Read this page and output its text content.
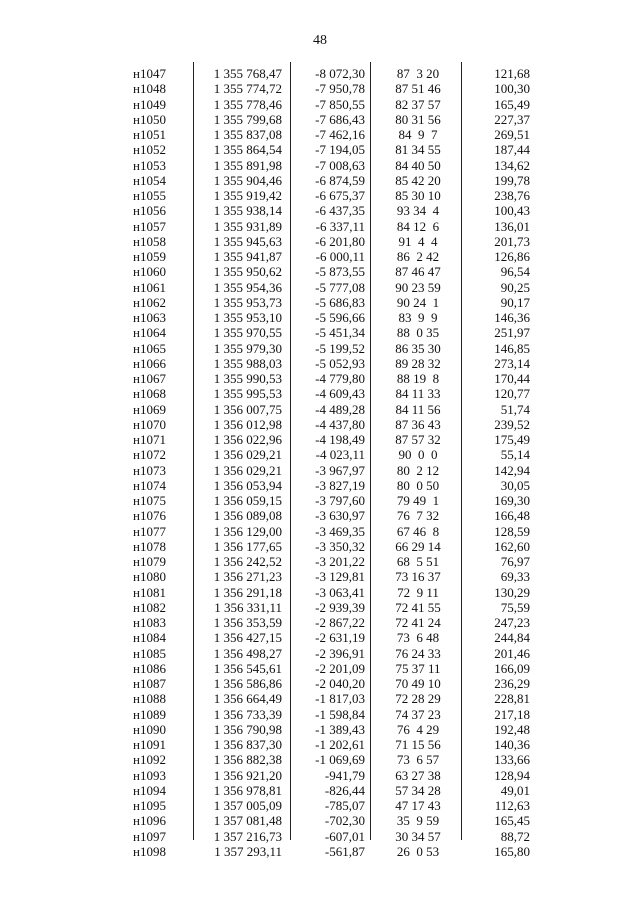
48
н1047	1 355 768,47	-8 072,30	87  3 20	121,68
н1048	1 355 774,72	-7 950,78	87 51 46	100,30
н1049	1 355 778,46	-7 850,55	82 37 57	165,49
н1050	1 355 799,68	-7 686,43	80 31 56	227,37
н1051	1 355 837,08	-7 462,16	84  9  7	269,51
н1052	1 355 864,54	-7 194,05	81 34 55	187,44
н1053	1 355 891,98	-7 008,63	84 40 50	134,62
н1054	1 355 904,46	-6 874,59	85 42 20	199,78
н1055	1 355 919,42	-6 675,37	85 30 10	238,76
н1056	1 355 938,14	-6 437,35	93 34  4	100,43
н1057	1 355 931,89	-6 337,11	84 12  6	136,01
н1058	1 355 945,63	-6 201,80	91  4  4	201,73
н1059	1 355 941,87	-6 000,11	86  2 42	126,86
н1060	1 355 950,62	-5 873,55	87 46 47	96,54
н1061	1 355 954,36	-5 777,08	90 23 59	90,25
н1062	1 355 953,73	-5 686,83	90 24  1	90,17
н1063	1 355 953,10	-5 596,66	83  9  9	146,36
н1064	1 355 970,55	-5 451,34	88  0 35	251,97
н1065	1 355 979,30	-5 199,52	86 35 30	146,85
н1066	1 355 988,03	-5 052,93	89 28 32	273,14
н1067	1 355 990,53	-4 779,80	88 19  8	170,44
н1068	1 355 995,53	-4 609,43	84 11 33	120,77
н1069	1 356 007,75	-4 489,28	84 11 56	51,74
н1070	1 356 012,98	-4 437,80	87 36 43	239,52
н1071	1 356 022,96	-4 198,49	87 57 32	175,49
н1072	1 356 029,21	-4 023,11	90  0  0	55,14
н1073	1 356 029,21	-3 967,97	80  2 12	142,94
н1074	1 356 053,94	-3 827,19	80  0 50	30,05
н1075	1 356 059,15	-3 797,60	79 49  1	169,30
н1076	1 356 089,08	-3 630,97	76  7 32	166,48
н1077	1 356 129,00	-3 469,35	67 46  8	128,59
н1078	1 356 177,65	-3 350,32	66 29 14	162,60
н1079	1 356 242,52	-3 201,22	68  5 51	76,97
н1080	1 356 271,23	-3 129,81	73 16 37	69,33
н1081	1 356 291,18	-3 063,41	72  9 11	130,29
н1082	1 356 331,11	-2 939,39	72 41 55	75,59
н1083	1 356 353,59	-2 867,22	72 41 24	247,23
н1084	1 356 427,15	-2 631,19	73  6 48	244,84
н1085	1 356 498,27	-2 396,91	76 24 33	201,46
н1086	1 356 545,61	-2 201,09	75 37 11	166,09
н1087	1 356 586,86	-2 040,20	70 49 10	236,29
н1088	1 356 664,49	-1 817,03	72 28 29	228,81
н1089	1 356 733,39	-1 598,84	74 37 23	217,18
н1090	1 356 790,98	-1 389,43	76  4 29	192,48
н1091	1 356 837,30	-1 202,61	71 15 56	140,36
н1092	1 356 882,38	-1 069,69	73  6 57	133,66
н1093	1 356 921,20	-941,79	63 27 38	128,94
н1094	1 356 978,81	-826,44	57 34 28	49,01
н1095	1 357 005,09	-785,07	47 17 43	112,63
н1096	1 357 081,48	-702,30	35  9 59	165,45
н1097	1 357 216,73	-607,01	30 34 57	88,72
н1098	1 357 293,11	-561,87	26  0 53	165,80
